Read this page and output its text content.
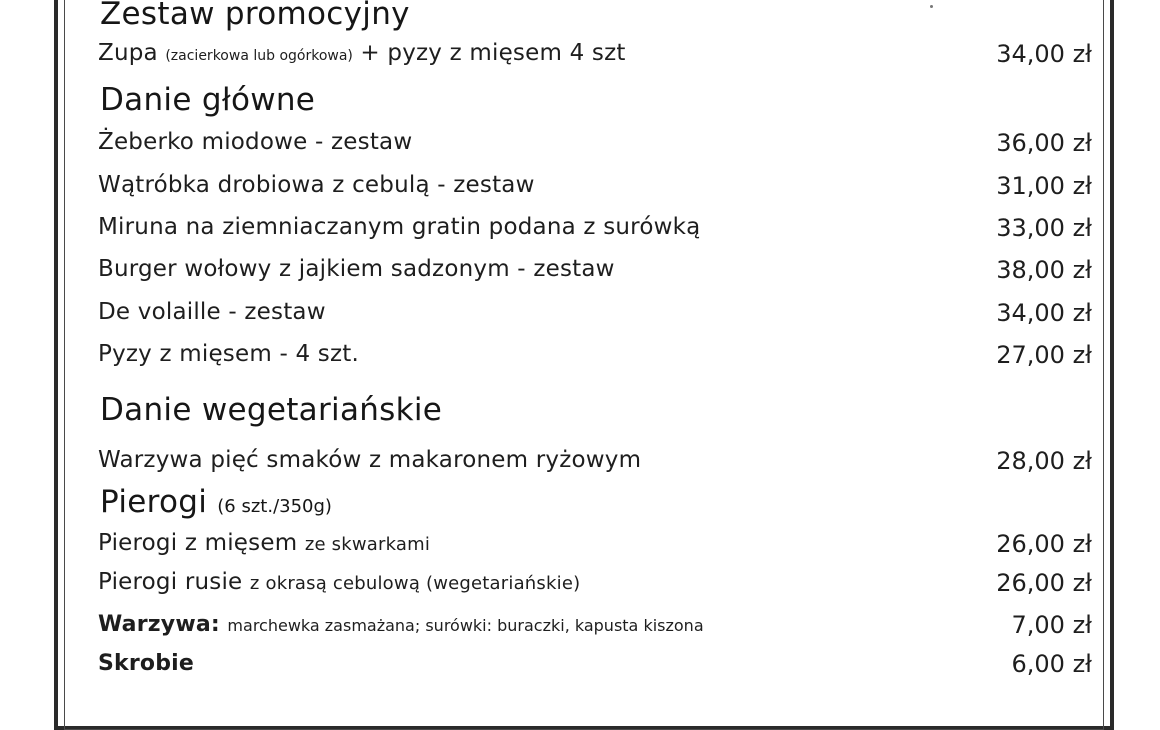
Zestaw promocyjny
Zupa (zacierkowa lub ogórkowa) + pyzy z mięsem 4 szt	34,00 zł
Danie główne
Żeberko miodowe - zestaw	36,00 zł
Wątróbka drobiowa z cebulą - zestaw	31,00 zł
Miruna na ziemniaczanym gratin podana z surówką	33,00 zł
Burger wołowy z jajkiem sadzonym - zestaw	38,00 zł
De volaille - zestaw	34,00 zł
Pyzy z mięsem - 4 szt.	27,00 zł
Danie wegetariańskie
Warzywa pięć smaków z makaronem ryżowym	28,00 zł
Pierogi (6 szt./350g)
Pierogi z mięsem ze skwarkami	26,00 zł
Pierogi rusie z okrasą cebulową (wegetariańskie)	26,00 zł
Warzywa: marchewka zasmażana; surówki: buraczki, kapusta kiszona	7,00 zł
Skrobie	6,00 zł
